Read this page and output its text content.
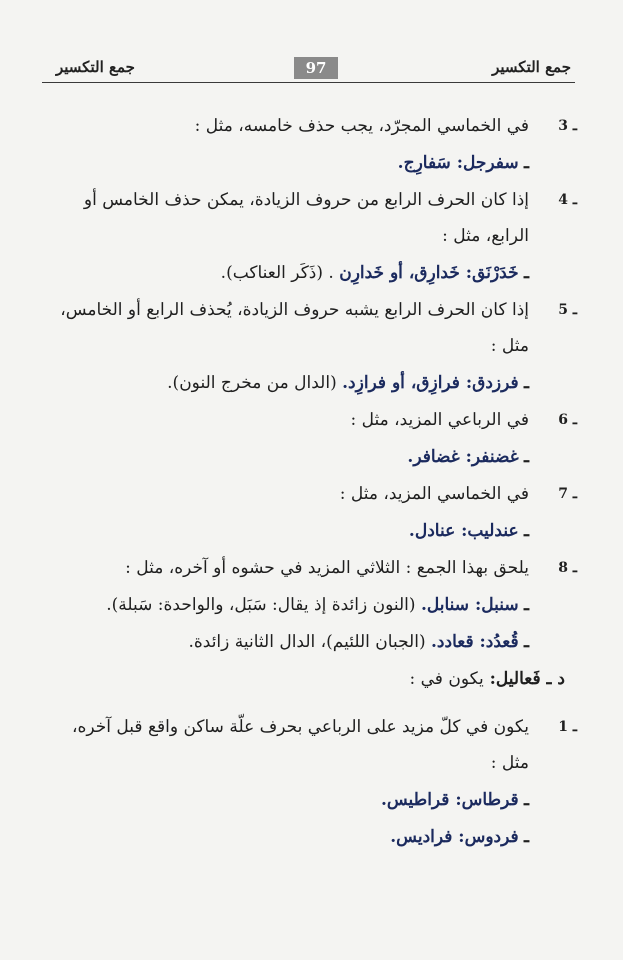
جمع التكسير	97	جمع التكسير
3 ـ
في الخماسي المجرّد، يجب حذف خامسه، مثل :
ـ سفرجل: سَفارِج.
4 ـ
إذا كان الحرف الرابع من حروف الزيادة، يمكن حذف الخامس أو الرابع، مثل :
ـ خَدَرْنَق: خَدارِق، أو خَدارِن . (ذَكَر العناكب).
5 ـ
إذا كان الحرف الرابع يشبه حروف الزيادة، يُحذف الرابع أو الخامس، مثل :
ـ فرزدق: فرازِق، أو فرازِد. (الدال من مخرج النون).
6 ـ
في الرباعي المزيد، مثل :
ـ غضنفر: غضافر.
7 ـ
في الخماسي المزيد، مثل :
ـ عندليب: عنادل.
8 ـ
يلحق بهذا الجمع : الثلاثي المزيد في حشوه أو آخره، مثل :
ـ سنبل: سنابل. (النون زائدة إذ يقال: سَبَل، والواحدة: سَبلة).
ـ قُعدُد: قعادد. (الجبان اللئيم)، الدال الثانية زائدة.
د ـ فَعاليل: يكون في :
1 ـ
يكون في كلّ مزيد على الرباعي بحرف علّة ساكن واقع قبل آخره، مثل :
ـ قرطاس: قراطيس.
ـ فردوس: فراديس.
